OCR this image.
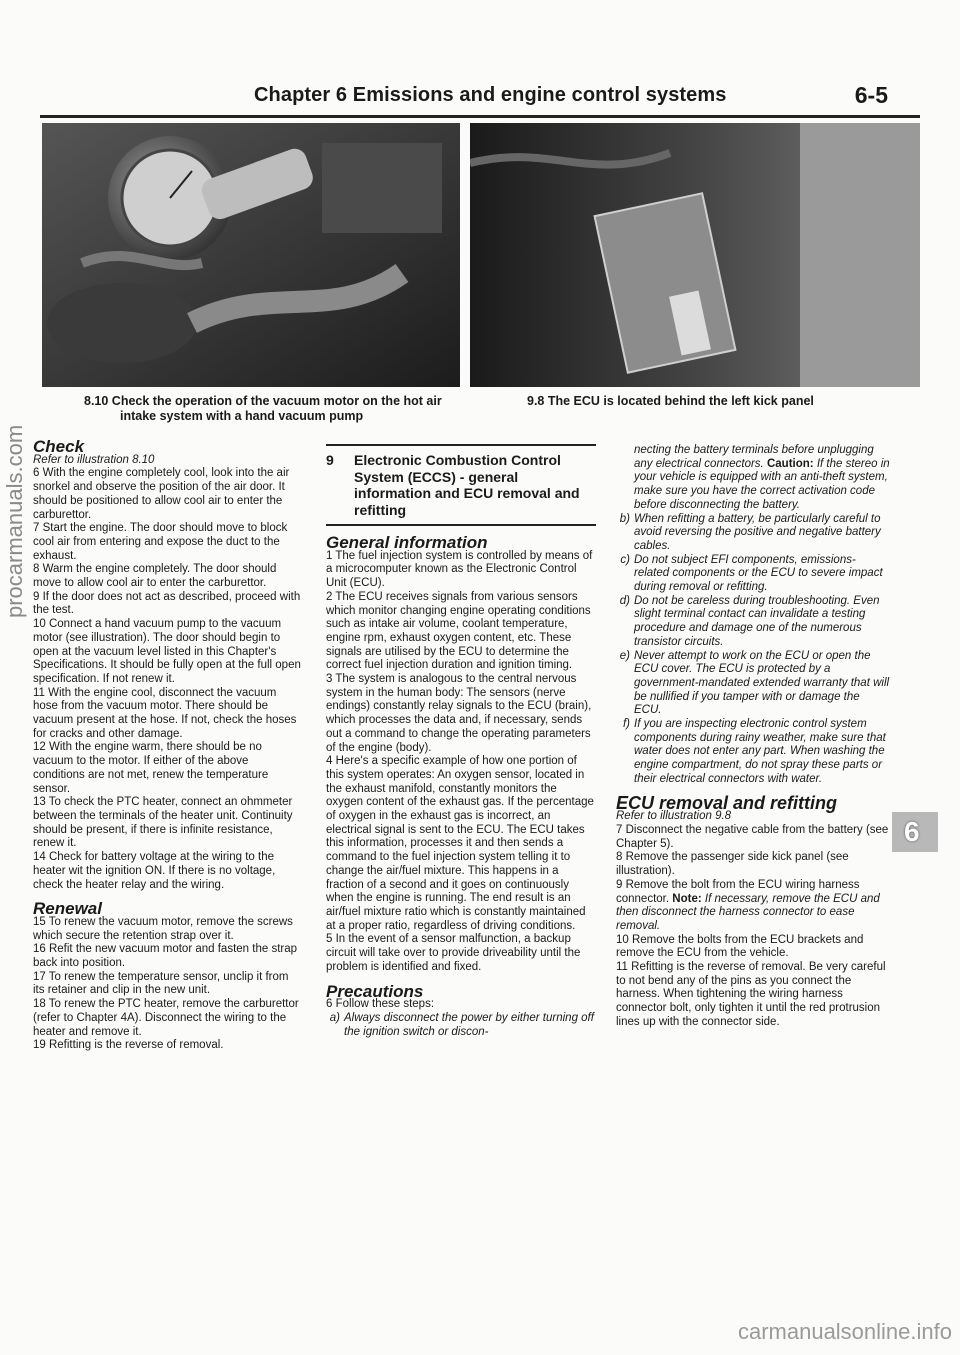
Chapter 6 Emissions and engine control systems	6-5
8.10 Check the operation of the vacuum motor on the hot air
intake system with a hand vacuum pump
9.8 The ECU is located behind the left kick panel

Check

Refer to illustration 8.10

6 With the engine completely cool, look into the air snorkel and observe the position of the air door. It should be positioned to allow cool air to enter the carburettor.

7 Start the engine. The door should move to block cool air from entering and expose the duct to the exhaust.

8 Warm the engine completely. The door should move to allow cool air to enter the carburettor.

9 If the door does not act as described, proceed with the test.

10 Connect a hand vacuum pump to the vacuum motor (see illustration). The door should begin to open at the vacuum level listed in this Chapter's Specifications. It should be fully open at the full open specification. If not renew it.

11 With the engine cool, disconnect the vacuum hose from the vacuum motor. There should be vacuum present at the hose. If not, check the hoses for cracks and other damage.

12 With the engine warm, there should be no vacuum to the motor. If either of the above conditions are not met, renew the temperature sensor.

13 To check the PTC heater, connect an ohmmeter between the terminals of the heater unit. Continuity should be present, if there is infinite resistance, renew it.

14 Check for battery voltage at the wiring to the heater wit the ignition ON. If there is no voltage, check the heater relay and the wiring.

Renewal

15 To renew the vacuum motor, remove the screws which secure the retention strap over it.

16 Refit the new vacuum motor and fasten the strap back into position.

17 To renew the temperature sensor, unclip it from its retainer and clip in the new unit.

18 To renew the PTC heater, remove the carburettor (refer to Chapter 4A). Disconnect the wiring to the heater and remove it.

19 Refitting is the reverse of removal.

9	Electronic Combustion Control System (ECCS) - general information and ECU removal and refitting

General information

1 The fuel injection system is controlled by means of a microcomputer known as the Electronic Control Unit (ECU).

2 The ECU receives signals from various sensors which monitor changing engine operating conditions such as intake air volume, coolant temperature, engine rpm, exhaust oxygen content, etc. These signals are utilised by the ECU to determine the correct fuel injection duration and ignition timing.

3 The system is analogous to the central nervous system in the human body: The sensors (nerve endings) constantly relay signals to the ECU (brain), which processes the data and, if necessary, sends out a command to change the operating parameters of the engine (body).

4 Here's a specific example of how one portion of this system operates: An oxygen sensor, located in the exhaust manifold, constantly monitors the oxygen content of the exhaust gas. If the percentage of oxygen in the exhaust gas is incorrect, an electrical signal is sent to the ECU. The ECU takes this information, processes it and then sends a command to the fuel injection system telling it to change the air/fuel mixture. This happens in a fraction of a second and it goes on continuously when the engine is running. The end result is an air/fuel mixture ratio which is constantly maintained at a proper ratio, regardless of driving conditions.

5 In the event of a sensor malfunction, a backup circuit will take over to provide driveability until the problem is identified and fixed.

Precautions

6 Follow these steps:

a) Always disconnect the power by either turning off the ignition switch or discon-
necting the battery terminals before unplugging any electrical connectors. Caution: If the stereo in your vehicle is equipped with an anti-theft system, make sure you have the correct activation code before disconnecting the battery.
b) When refitting a battery, be particularly careful to avoid reversing the positive and negative battery cables.
c) Do not subject EFI components, emissions-related components or the ECU to severe impact during removal or refitting.
d) Do not be careless during troubleshooting. Even slight terminal contact can invalidate a testing procedure and damage one of the numerous transistor circuits.
e) Never attempt to work on the ECU or open the ECU cover. The ECU is protected by a government-mandated extended warranty that will be nullified if you tamper with or damage the ECU.
f) If you are inspecting electronic control system components during rainy weather, make sure that water does not enter any part. When washing the engine compartment, do not spray these parts or their electrical connectors with water.

ECU removal and refitting

Refer to illustration 9.8

7 Disconnect the negative cable from the battery (see Chapter 5).

8 Remove the passenger side kick panel (see illustration).

9 Remove the bolt from the ECU wiring harness connector. Note: If necessary, remove the ECU and then disconnect the harness connector to ease removal.

10 Remove the bolts from the ECU brackets and remove the ECU from the vehicle.

11 Refitting is the reverse of removal. Be very careful to not bend any of the pins as you connect the harness. When tightening the wiring harness connector bolt, only tighten it until the red protrusion lines up with the connector side.

6
procarmanuals.com
carmanualsonline.info
